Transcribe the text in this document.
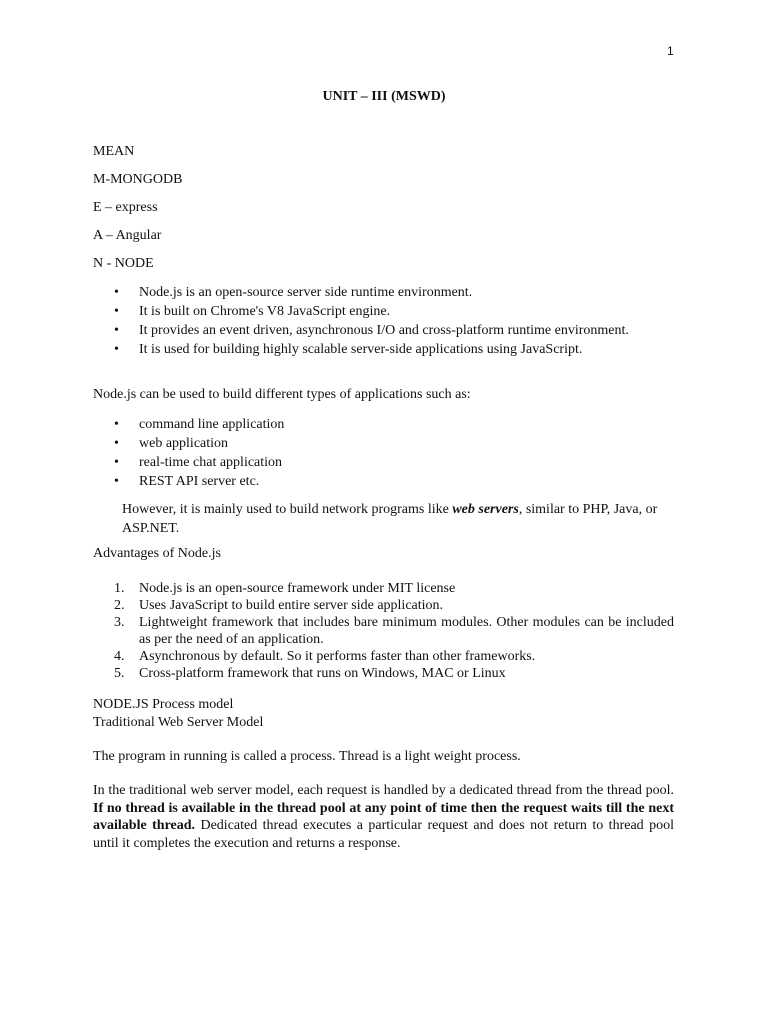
1
UNIT – III (MSWD)
MEAN
M-MONGODB
E – express
A – Angular
N - NODE
• Node.js is an open-source server side runtime environment.
• It is built on Chrome's V8 JavaScript engine.
• It provides an event driven, asynchronous I/O and cross-platform runtime environment.
• It is used for building highly scalable server-side applications using JavaScript.
Node.js can be used to build different types of applications such as:
• command line application
• web application
• real-time chat application
• REST API server etc.

However, it is mainly used to build network programs like web servers, similar to PHP, Java, or ASP.NET.

Advantages of Node.js
1. Node.js is an open-source framework under MIT license
2. Uses JavaScript to build entire server side application.
3. Lightweight framework that includes bare minimum modules. Other modules can be included as per the need of an application.
4. Asynchronous by default. So it performs faster than other frameworks.
5. Cross-platform framework that runs on Windows, MAC or Linux
NODE.JS Process model
Traditional Web Server Model
The program in running is called a process. Thread is a light weight process.

In the traditional web server model, each request is handled by a dedicated thread from the thread pool. If no thread is available in the thread pool at any point of time then the request waits till the next available thread. Dedicated thread executes a particular request and does not return to thread pool until it completes the execution and returns a response.
